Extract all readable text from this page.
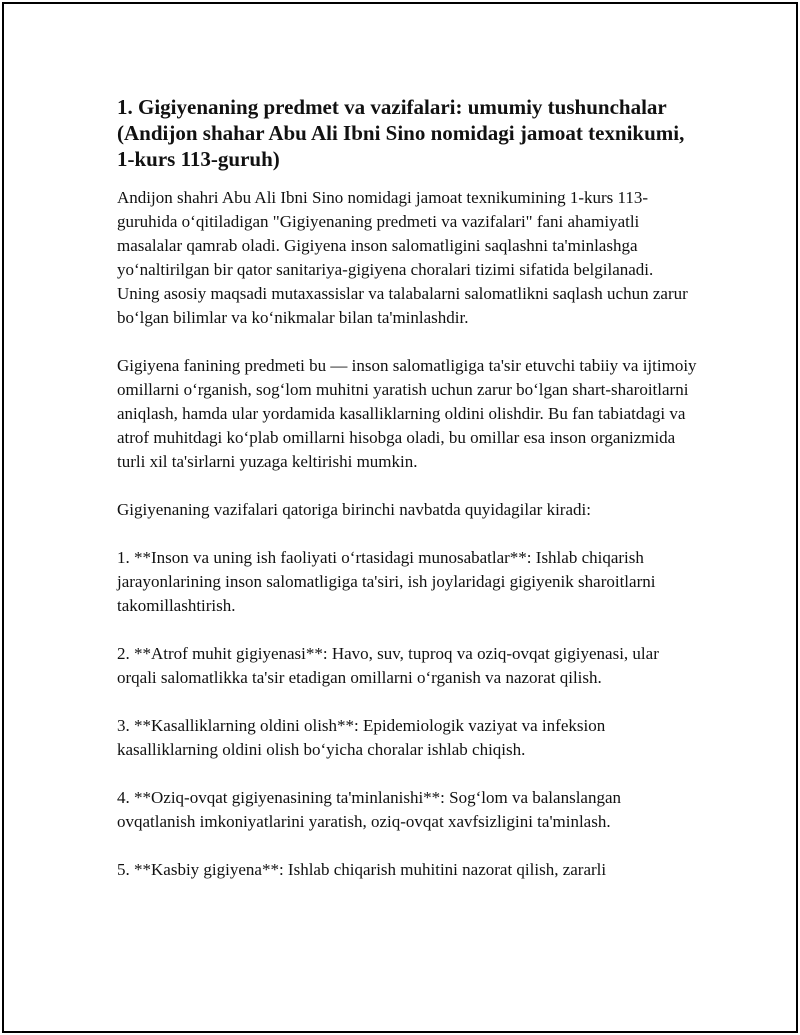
1. Gigiyenaning predmet va vazifalari: umumiy tushunchalar (Andijon shahar Abu Ali Ibni Sino nomidagi jamoat texnikumi, 1-kurs 113-guruh)

Andijon shahri Abu Ali Ibni Sino nomidagi jamoat texnikumining 1-kurs 113-guruhida o‘qitiladigan "Gigiyenaning predmeti va vazifalari" fani ahamiyatli masalalar qamrab oladi. Gigiyena inson salomatligini saqlashni ta'minlashga yo‘naltirilgan bir qator sanitariya-gigiyena choralari tizimi sifatida belgilanadi. Uning asosiy maqsadi mutaxassislar va talabalarni salomatlikni saqlash uchun zarur bo‘lgan bilimlar va ko‘nikmalar bilan ta'minlashdir.

Gigiyena fanining predmeti bu — inson salomatligiga ta'sir etuvchi tabiiy va ijtimoiy omillarni o‘rganish, sog‘lom muhitni yaratish uchun zarur bo‘lgan shart-sharoitlarni aniqlash, hamda ular yordamida kasalliklarning oldini olishdir. Bu fan tabiatdagi va atrof muhitdagi ko‘plab omillarni hisobga oladi, bu omillar esa inson organizmida turli xil ta'sirlarni yuzaga keltirishi mumkin.

Gigiyenaning vazifalari qatoriga birinchi navbatda quyidagilar kiradi:

1. **Inson va uning ish faoliyati o‘rtasidagi munosabatlar**: Ishlab chiqarish jarayonlarining inson salomatligiga ta'siri, ish joylaridagi gigiyenik sharoitlarni takomillashtirish.

2. **Atrof muhit gigiyenasi**: Havo, suv, tuproq va oziq-ovqat gigiyenasi, ular orqali salomatlikka ta'sir etadigan omillarni o‘rganish va nazorat qilish.

3. **Kasalliklarning oldini olish**: Epidemiologik vaziyat va infeksion kasalliklarning oldini olish bo‘yicha choralar ishlab chiqish.

4. **Oziq-ovqat gigiyenasining ta'minlanishi**: Sog‘lom va balanslangan ovqatlanish imkoniyatlarini yaratish, oziq-ovqat xavfsizligini ta'minlash.

5. **Kasbiy gigiyena**: Ishlab chiqarish muhitini nazorat qilish, zararli
